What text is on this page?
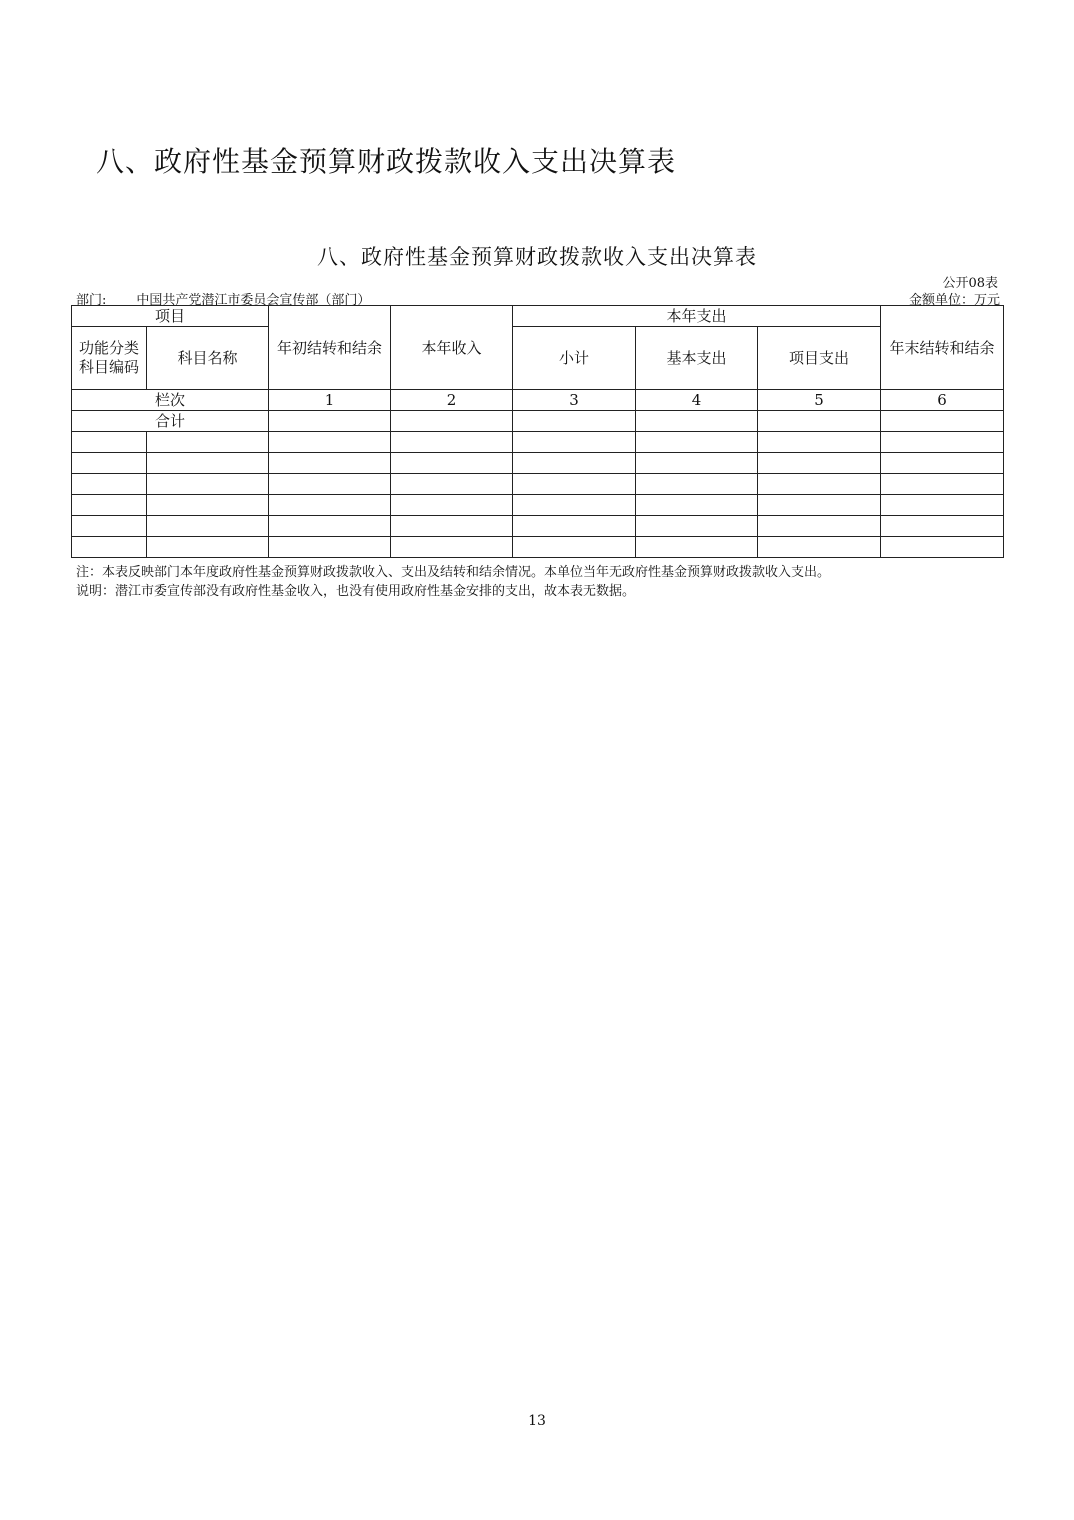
八、政府性基金预算财政拨款收入支出决算表
八、政府性基金预算财政拨款收入支出决算表
公开08表
部门: 中国共产党潜江市委员会宣传部（部门）	金额单位：万元
项目		年初结转和结余	本年收入	本年支出			年末结转和结余
功能分类科目编码	科目名称			小计	基本支出	项目支出	
栏次		1	2	3	4	5	6
合计							

注：本表反映部门本年度政府性基金预算财政拨款收入、支出及结转和结余情况。本单位当年无政府性基金预算财政拨款收入支出。
说明：潜江市委宣传部没有政府性基金收入，也没有使用政府性基金安排的支出，故本表无数据。
13
